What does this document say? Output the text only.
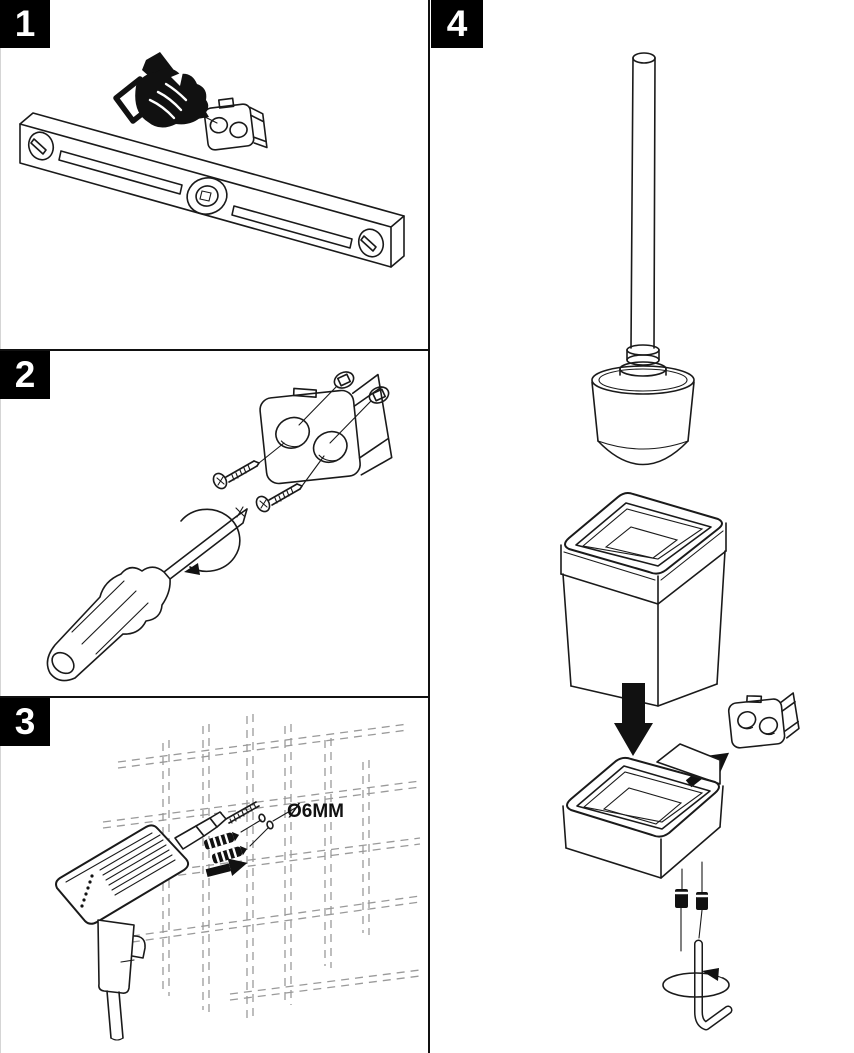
1
2
3
4
Ø6MM
